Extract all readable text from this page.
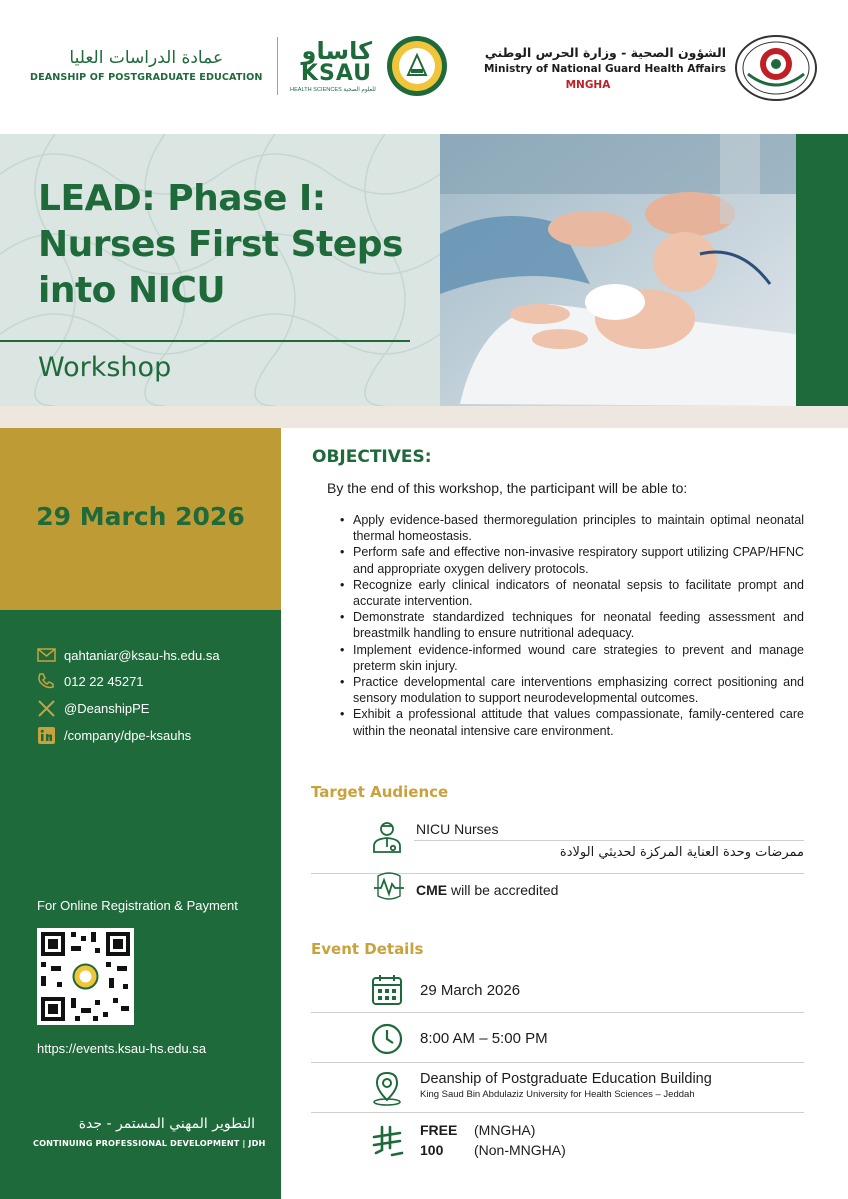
عمادة الدراسات العليا
DEANSHIP OF POSTGRADUATE EDUCATION
كاساو
KSAU
HEALTH SCIENCES للعلوم الصحية
الشؤون الصحية - وزارة الحرس الوطني
Ministry of National Guard Health Affairs
MNGHA
LEAD: Phase I: Nurses First Steps into NICU
Workshop
29 March 2026
qahtaniar@ksau-hs.edu.sa
012 22 45271
@DeanshipPE
/company/dpe-ksauhs
For Online Registration & Payment
https://events.ksau-hs.edu.sa
التطوير المهني المستمر - جدة
CONTINUING PROFESSIONAL DEVELOPMENT | JDH
OBJECTIVES:
By the end of this workshop, the participant will be able to:
• Apply evidence-based thermoregulation principles to maintain optimal neonatal thermal homeostasis.
• Perform safe and effective non-invasive respiratory support utilizing CPAP/HFNC and appropriate oxygen delivery protocols.
• Recognize early clinical indicators of neonatal sepsis to facilitate prompt and accurate intervention.
• Demonstrate standardized techniques for neonatal feeding assessment and breastmilk handling to ensure nutritional adequacy.
• Implement evidence-informed wound care strategies to prevent and manage preterm skin injury.
• Practice developmental care interventions emphasizing correct positioning and sensory modulation to support neurodevelopmental outcomes.
• Exhibit a professional attitude that values compassionate, family-centered care within the neonatal intensive care environment.
Target Audience
NICU Nurses
ممرضات وحدة العناية المركزة لحديثي الولادة
CME will be accredited
Event Details
29 March 2026
8:00 AM – 5:00 PM
Deanship of Postgraduate Education Building
King Saud Bin Abdulaziz University for Health Sciences – Jeddah
FREE (MNGHA)
100 (Non-MNGHA)
